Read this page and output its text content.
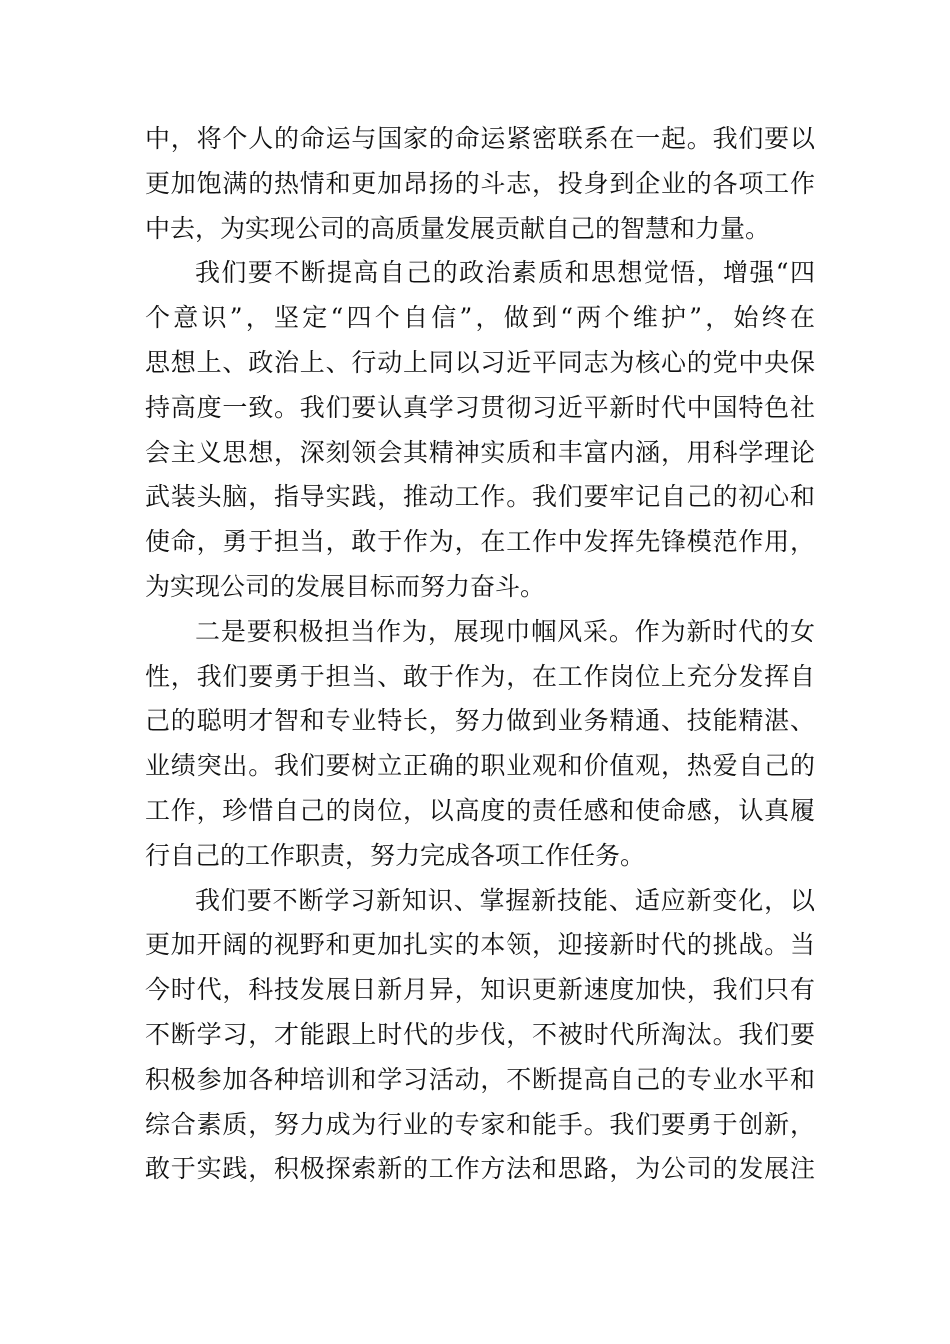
中，将个人的命运与国家的命运紧密联系在一起。我们要以
更加饱满的热情和更加昂扬的斗志，投身到企业的各项工作
中去，为实现公司的高质量发展贡献自己的智慧和力量。
我们要不断提高自己的政治素质和思想觉悟，增强“四
个意识”，坚定“四个自信”，做到“两个维护”，始终在
思想上、政治上、行动上同以习近平同志为核心的党中央保
持高度一致。我们要认真学习贯彻习近平新时代中国特色社
会主义思想，深刻领会其精神实质和丰富内涵，用科学理论
武装头脑，指导实践，推动工作。我们要牢记自己的初心和
使命，勇于担当，敢于作为，在工作中发挥先锋模范作用，
为实现公司的发展目标而努力奋斗。
二是要积极担当作为，展现巾帼风采。作为新时代的女
性，我们要勇于担当、敢于作为，在工作岗位上充分发挥自
己的聪明才智和专业特长，努力做到业务精通、技能精湛、
业绩突出。我们要树立正确的职业观和价值观，热爱自己的
工作，珍惜自己的岗位，以高度的责任感和使命感，认真履
行自己的工作职责，努力完成各项工作任务。
我们要不断学习新知识、掌握新技能、适应新变化，以
更加开阔的视野和更加扎实的本领，迎接新时代的挑战。当
今时代，科技发展日新月异，知识更新速度加快，我们只有
不断学习，才能跟上时代的步伐，不被时代所淘汰。我们要
积极参加各种培训和学习活动，不断提高自己的专业水平和
综合素质，努力成为行业的专家和能手。我们要勇于创新，
敢于实践，积极探索新的工作方法和思路，为公司的发展注
